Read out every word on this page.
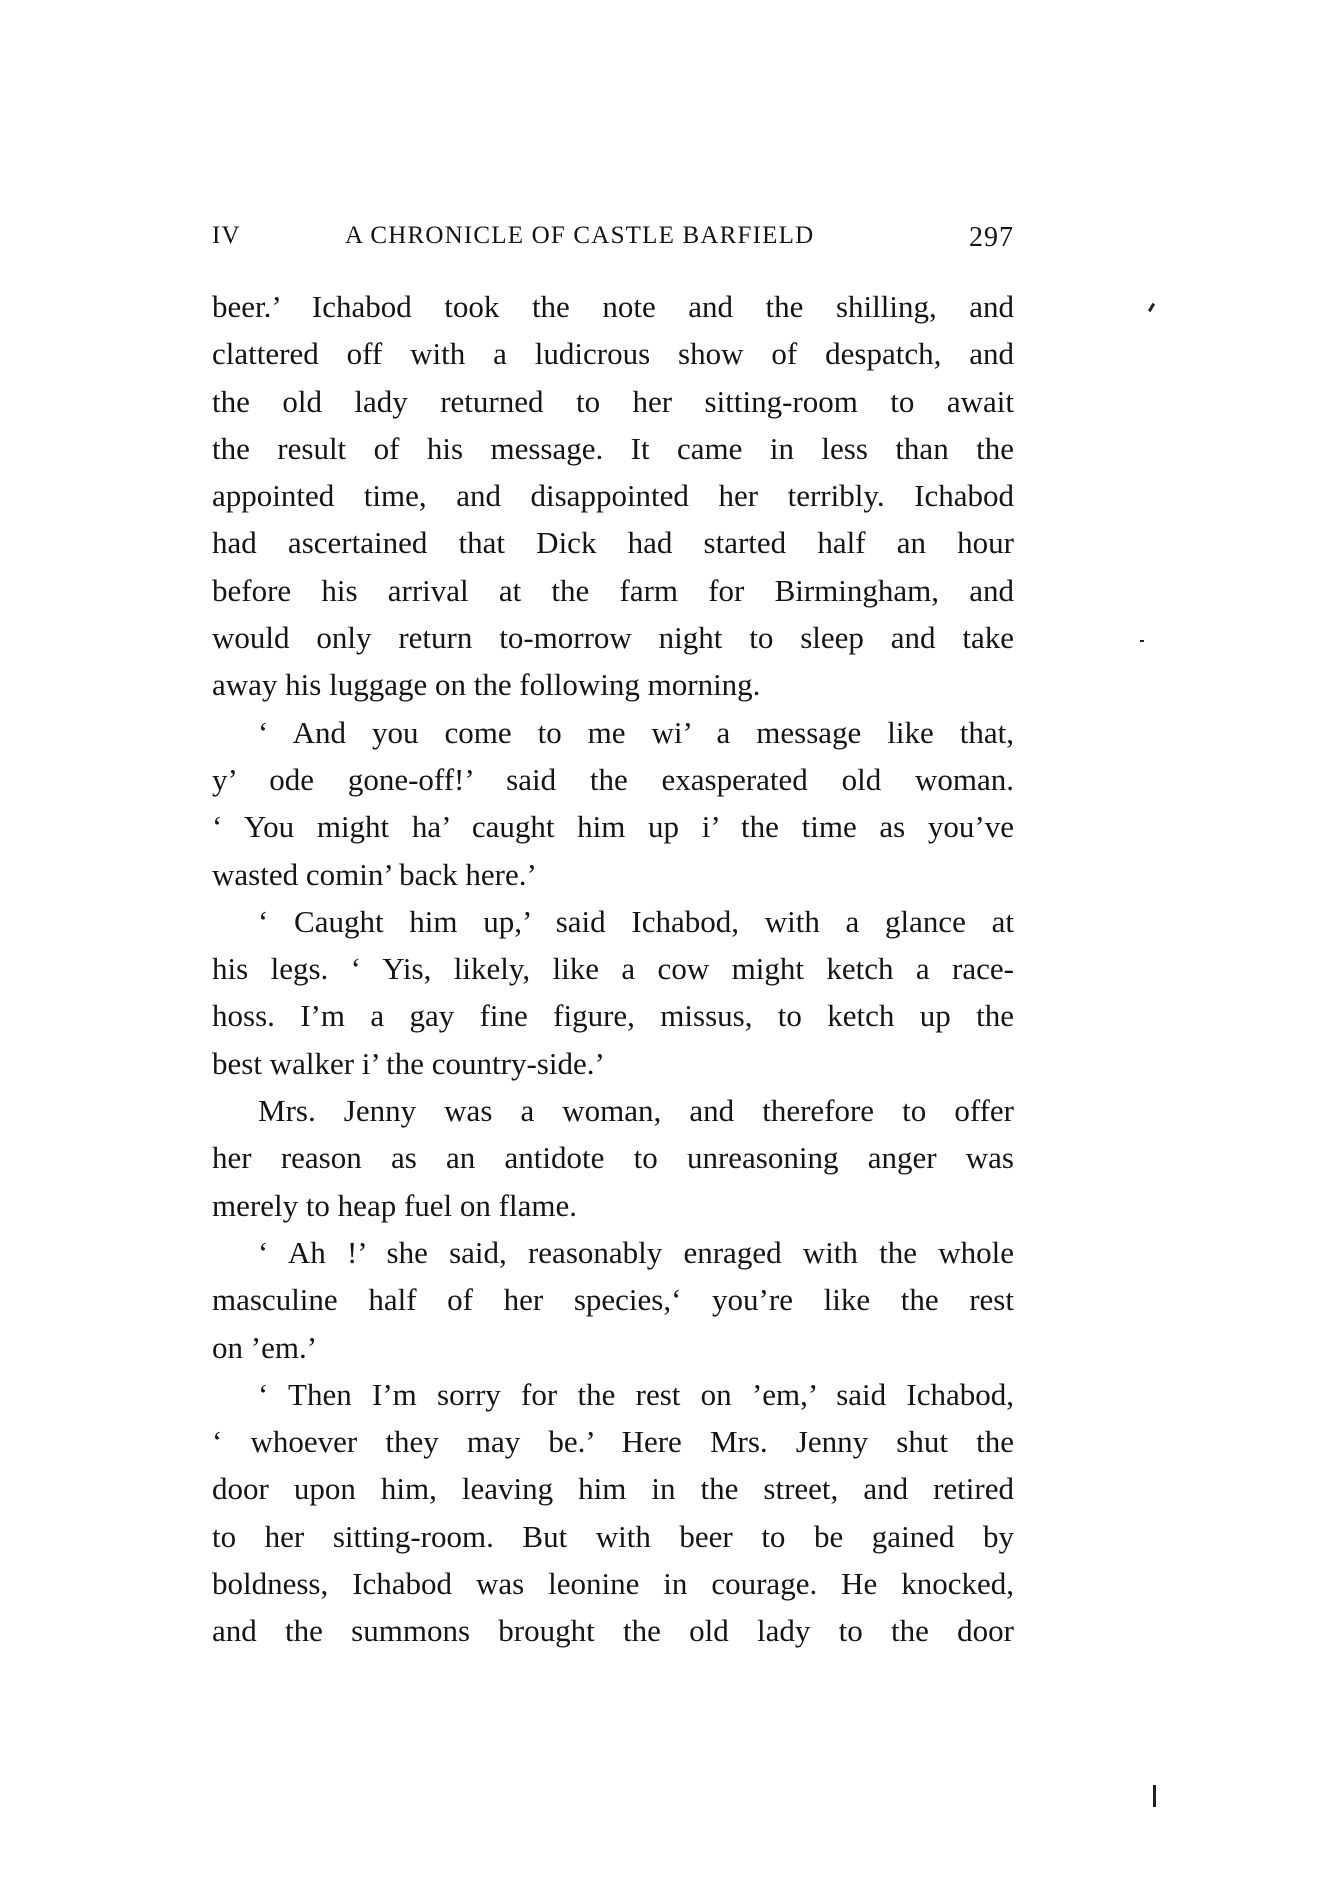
IV	A CHRONICLE OF CASTLE BARFIELD	297
beer.’ Ichabod took the note and the shilling, and
clattered off with a ludicrous show of despatch, and
the old lady returned to her sitting-room to await
the result of his message. It came in less than the
appointed time, and disappointed her terribly. Ichabod
had ascertained that Dick had started half an hour
before his arrival at the farm for Birmingham, and
would only return to-morrow night to sleep and take
away his luggage on the following morning.
‘ And you come to me wi’ a message like that,
y’ ode gone-off!’ said the exasperated old woman.
‘ You might ha’ caught him up i’ the time as you’ve
wasted comin’ back here.’
‘ Caught him up,’ said Ichabod, with a glance at
his legs. ‘ Yis, likely, like a cow might ketch a race-
hoss. I’m a gay fine figure, missus, to ketch up the
best walker i’ the country-side.’
Mrs. Jenny was a woman, and therefore to offer
her reason as an antidote to unreasoning anger was
merely to heap fuel on flame.
‘ Ah !’ she said, reasonably enraged with the whole
masculine half of her species,‘ you’re like the rest
on ’em.’
‘ Then I’m sorry for the rest on ’em,’ said Ichabod,
‘ whoever they may be.’ Here Mrs. Jenny shut the
door upon him, leaving him in the street, and retired
to her sitting-room. But with beer to be gained by
boldness, Ichabod was leonine in courage. He knocked,
and the summons brought the old lady to the door
